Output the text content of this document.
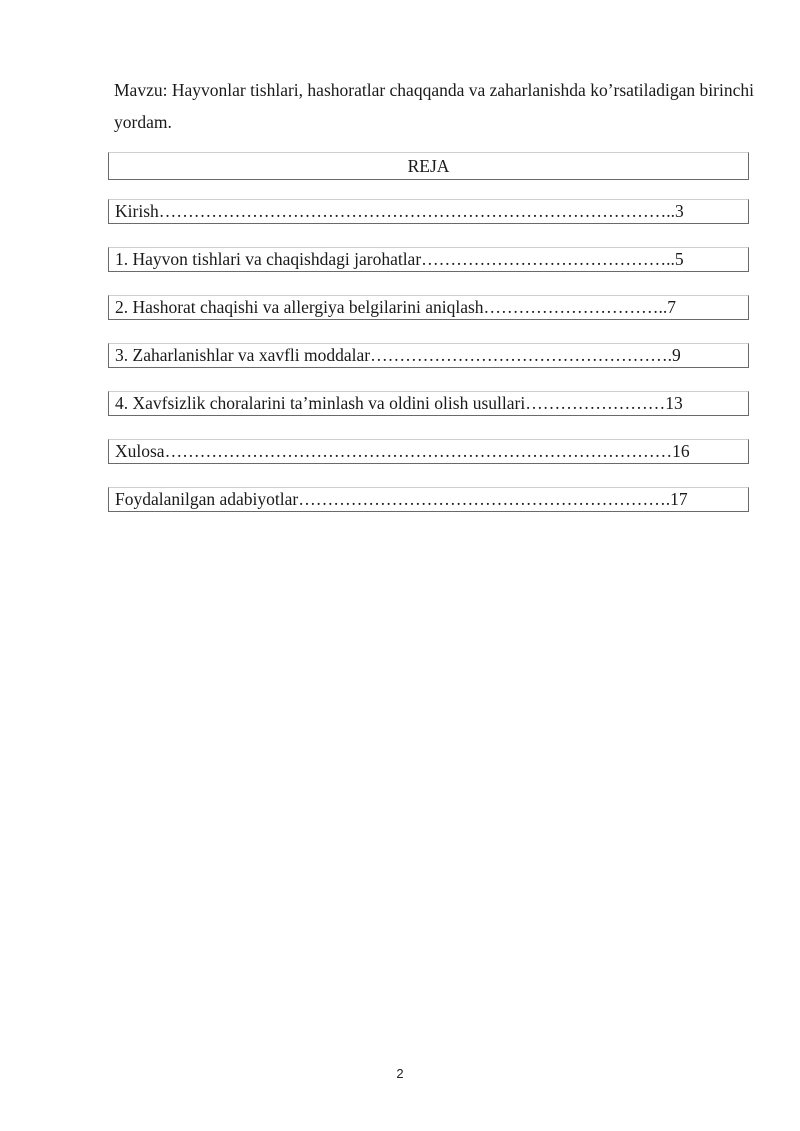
Mavzu: Hayvonlar tishlari, hashoratlar chaqqanda va zaharlanishda ko’rsatiladigan birinchi yordam.
REJA
Kirish……………………………………………………………………………..3
1. Hayvon tishlari va chaqishdagi jarohatlar……………………………………..5
2. Hashorat chaqishi va allergiya belgilarini aniqlash…………………………..7
3. Zaharlanishlar va xavfli moddalar…………………………………………….9
4. Xavfsizlik choralarini ta’minlash va oldini olish usullari……………………13
Xulosa……………………………………………………………………………16
Foydalanilgan adabiyotlar……………………………………………………….17
2
